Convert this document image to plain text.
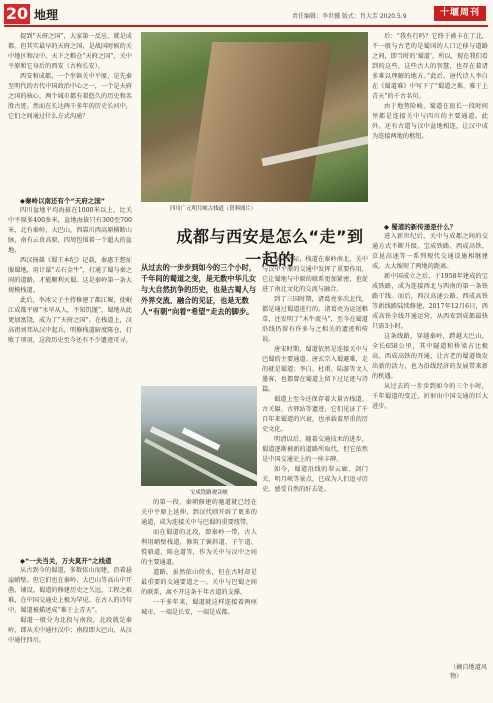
20 地理	责任编辑：李世骥 版式：肖大芳 2020.5.9	十堰周刊

提到“天府之国”，大家第一反应，就是成都。但其实最早的天府之国，是战国时候的关中地区和汉中。天下之粮仓“天府之国”，关中平原和它身后的西安（古称长安）。

西安和成都，一个坐镇关中平原，是先秦至明代的古代中国政治中心之一，一个是天府之国的核心，两个城市都有着悠久的历史和名胜古迹。然而在长达两千多年的历史长河中，它们之间通过什么方式沟通？

◆秦岭以南还有个“天府之国”

四川盆地平均海拔在1000米以上，比关中平原多400多米，盆地海拔只有300至700米，北有秦岭，大巴山，西靠川西高原横断山脉，南有云贵高原，四周包围着一个超大的盆地。

西汉扬雄《蜀王本纪》记载，秦惠王想征服蜀地，用计谋“五石金牛”，打通了蜀与秦之间的道路，才能顺利灭蜀。这是秦岭第一条大规模栈道。

此后，李冰父子主持修建了都江堰，使岷江成都平原“水旱从人，不知饥馑”，蜀地从此更加富饶，成为了“天府之国”。在栈道上，汉高祖刘邦从汉中起兵，明修栈道暗度陈仓，打败了项羽，这段历史至今还有不少遗迹可寻。

◆“一夫当关，万夫莫开”之栈道

从古到今的蜀道，多数依山而建，沿着悬崖峭壁。但它们也在秦岭、大巴山等高山中开凿、铺设。蜀道的修建历史之久远，工程之艰难，在中国交通史上极为罕见。在古人的诗句中，蜀道被描述成“难于上青天”。

蜀道一般分为北段与南段，北段就是秦岭，即从关中通往汉中；南段即大巴山，从汉中通往四川。

四川广元明月峡古栈道（资料图片）

后：“我有行吗？它终于被卡在了北，不一般与古老的是蜀国的人口迁移与道路之间，即当时的‘蜀道’，所以，现在我们看到的这些，这些古人的智慧，也存在着诸多难以理解的地方。”此后，唐代诗人李白在《蜀道难》中写下了“蜀道之难，难于上青天”的千古名句。

由于地势险峻，蜀道在很长一段时间里都是连接关中与四川的主要通道。此外，还有古道与汉中盆地相连，让汉中成为连接两地的枢纽。

◆ 蜀道的新传递是什么？

进入新世纪后，关中与成都之间的交通方式不断升级。宝成铁路、西成高铁、京昆高速等一系列现代交通设施相继建成，大大缩短了两地的距离。

新中国成立之后，于1958年建成的宝成铁路，成为连接西北与西南的第一条铁路干线。而后，西汉高速公路、西成高铁等新线路陆续修建，2017年12月6日，西成高铁全线开通运营，从西安到成都最快只需3小时。

这条线路，穿越秦岭，跨越大巴山，全长658公里，其中隧道和桥梁占比极高。西成高铁的开通，让古老的蜀道焕发出新的活力，也为沿线经济的发展带来新的机遇。

从过去的一步步到如今的三个小时，千年蜀道的变迁，折射出中国交通的巨大进步。

成都与西安是怎么“走”到一起的
从过去的一步步到如今的三个小时，千年间的蜀道之变，是无数中华儿女与大自然抗争的历史，也是古蜀人与外界交流、融合的见证，也是无数人“有朝”向着“希望”走去的脚步。

秦汉之际，栈道在秦岭南北、关中与汉中平原的交通中发挥了重要作用，它让蜀地与中原的联系更加紧密，也促进了南北文化的交流与融合。

到了三国时期，诸葛亮多次北伐，都是通过蜀道进行的。诸葛亮为运送粮草，还发明了“木牛流马”，至今在蜀道沿线仍留有许多与之相关的遗迹和传说。

唐宋时期，蜀道依然是连接关中与巴蜀的主要通道。唐玄宗入蜀避难，走的就是蜀道；李白、杜甫、陆游等文人墨客，也都曾在蜀道上留下过足迹与诗篇。

蜀道上至今还保存着大量古栈道、古关隘、古驿站等遗迹，它们见证了千百年来蜀道的兴衰，也承载着厚重的历史文化。

明清以后，随着交通技术的进步，蜀道逐渐被新的道路所取代，但它依然是中国交通史上的一座丰碑。

如今，蜀道沿线的翠云廊、剑门关、明月峡等景点，已成为人们追寻历史、感受自然的好去处。

宝成铁路观音峡

的第一段，秦朝修建的驰道就已经在关中平原上延伸，到汉代则开辟了更多的通道，成为连接关中与巴蜀的重要纽带。

而在蜀道的北段，即秦岭一带，古人利用峭壁栈道，修筑了褒斜道、子午道、傥骆道、陈仓道等，作为关中与汉中之间的主要通道。

道路，虽然依山傍水，但在古时却是最重要的交通要道之一。关中与巴蜀之间的联系，离不开这条千年古道的支撑。

一千多年来，蜀道就这样连接着两座城市，一端是长安，一端是成都。

（摘自地道风物）
